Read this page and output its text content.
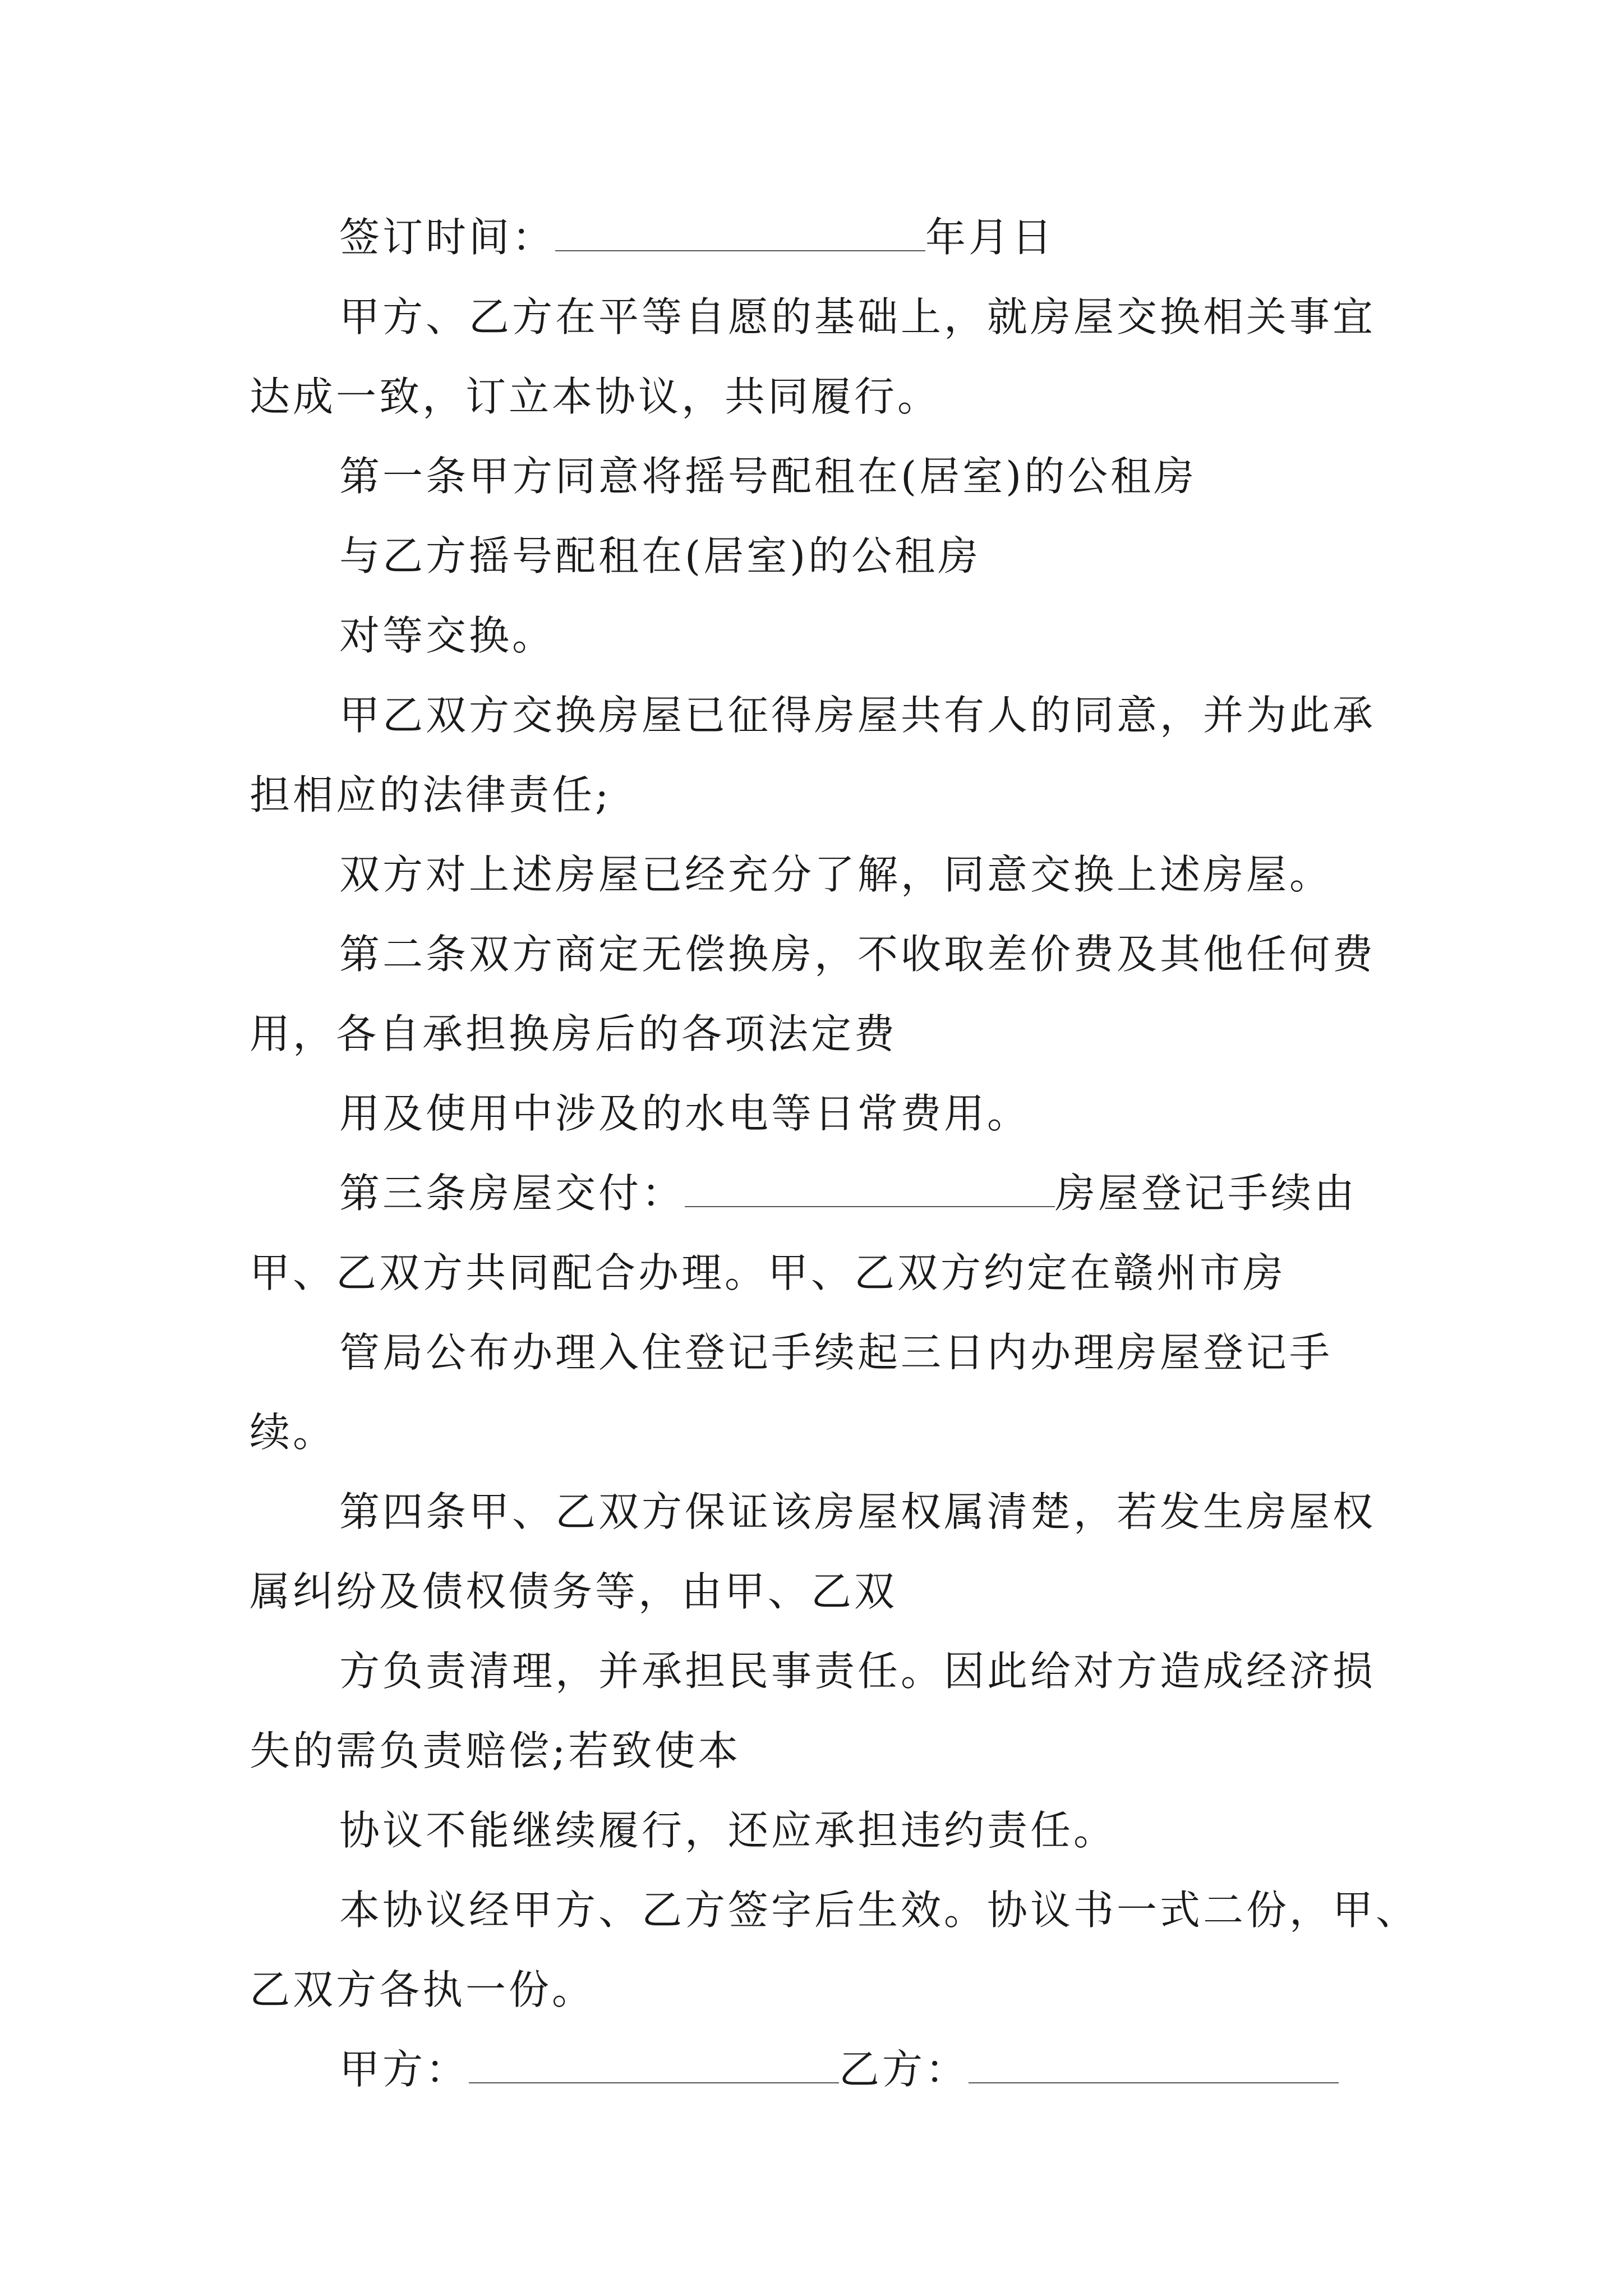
签订时间：	年月日
甲方、乙方在平等自愿的基础上，就房屋交换相关事宜
达成一致，订立本协议，共同履行。
第一条甲方同意将摇号配租在(居室)的公租房
与乙方摇号配租在(居室)的公租房
对等交换。
甲乙双方交换房屋已征得房屋共有人的同意，并为此承
担相应的法律责任;
双方对上述房屋已经充分了解，同意交换上述房屋。
第二条双方商定无偿换房，不收取差价费及其他任何费
用，各自承担换房后的各项法定费
用及使用中涉及的水电等日常费用。
第三条房屋交付：	房屋登记手续由
甲、乙双方共同配合办理。甲、乙双方约定在赣州市房
管局公布办理入住登记手续起三日内办理房屋登记手
续。
第四条甲、乙双方保证该房屋权属清楚，若发生房屋权
属纠纷及债权债务等，由甲、乙双
方负责清理，并承担民事责任。因此给对方造成经济损
失的需负责赔偿;若致使本
协议不能继续履行，还应承担违约责任。
本协议经甲方、乙方签字后生效。协议书一式二份，甲、
乙双方各执一份。
甲方：	乙方：
